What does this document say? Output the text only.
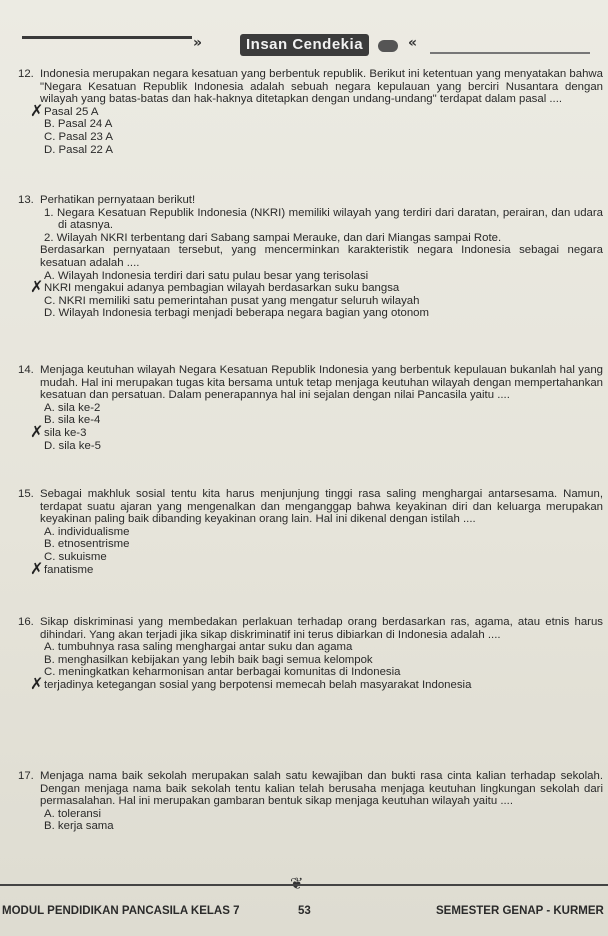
»	Insan Cendekia	«
12. Indonesia merupakan negara kesatuan yang berbentuk republik. Berikut ini ketentuan yang menyatakan bahwa "Negara Kesatuan Republik Indonesia adalah sebuah negara kepulauan yang berciri Nusantara dengan wilayah yang batas-batas dan hak-haknya ditetapkan dengan undang-undang" terdapat dalam pasal ....
✗ Pasal 25 A
B. Pasal 24 A
C. Pasal 23 A
D. Pasal 22 A
13. Perhatikan pernyataan berikut!
1. Negara Kesatuan Republik Indonesia (NKRI) memiliki wilayah yang terdiri dari daratan, perairan, dan udara di atasnya.
2. Wilayah NKRI terbentang dari Sabang sampai Merauke, dan dari Miangas sampai Rote.
Berdasarkan pernyataan tersebut, yang mencerminkan karakteristik negara Indonesia sebagai negara kesatuan adalah ....
A. Wilayah Indonesia terdiri dari satu pulau besar yang terisolasi
✗ NKRI mengakui adanya pembagian wilayah berdasarkan suku bangsa
C. NKRI memiliki satu pemerintahan pusat yang mengatur seluruh wilayah
D. Wilayah Indonesia terbagi menjadi beberapa negara bagian yang otonom
14. Menjaga keutuhan wilayah Negara Kesatuan Republik Indonesia yang berbentuk kepulauan bukanlah hal yang mudah. Hal ini merupakan tugas kita bersama untuk tetap menjaga keutuhan wilayah dengan mempertahankan kesatuan dan persatuan. Dalam penerapannya hal ini sejalan dengan nilai Pancasila yaitu ....
A. sila ke-2
B. sila ke-4
✗ sila ke-3
D. sila ke-5
15. Sebagai makhluk sosial tentu kita harus menjunjung tinggi rasa saling menghargai antarsesama. Namun, terdapat suatu ajaran yang mengenalkan dan menganggap bahwa keyakinan diri dan keluarga merupakan keyakinan paling baik dibanding keyakinan orang lain. Hal ini dikenal dengan istilah ....
A. individualisme
B. etnosentrisme
C. sukuisme
✗ fanatisme
16. Sikap diskriminasi yang membedakan perlakuan terhadap orang berdasarkan ras, agama, atau etnis harus dihindari. Yang akan terjadi jika sikap diskriminatif ini terus dibiarkan di Indonesia adalah ....
A. tumbuhnya rasa saling menghargai antar suku dan agama
B. menghasilkan kebijakan yang lebih baik bagi semua kelompok
C. meningkatkan keharmonisan antar berbagai komunitas di Indonesia
✗ terjadinya ketegangan sosial yang berpotensi memecah belah masyarakat Indonesia
17. Menjaga nama baik sekolah merupakan salah satu kewajiban dan bukti rasa cinta kalian terhadap sekolah. Dengan menjaga nama baik sekolah tentu kalian telah berusaha menjaga keutuhan lingkungan sekolah dari permasalahan. Hal ini merupakan gambaran bentuk sikap menjaga keutuhan wilayah yaitu ....
A. toleransi
B. kerja sama
MODUL PENDIDIKAN PANCASILA KELAS 7	53	SEMESTER GENAP - KURMER
